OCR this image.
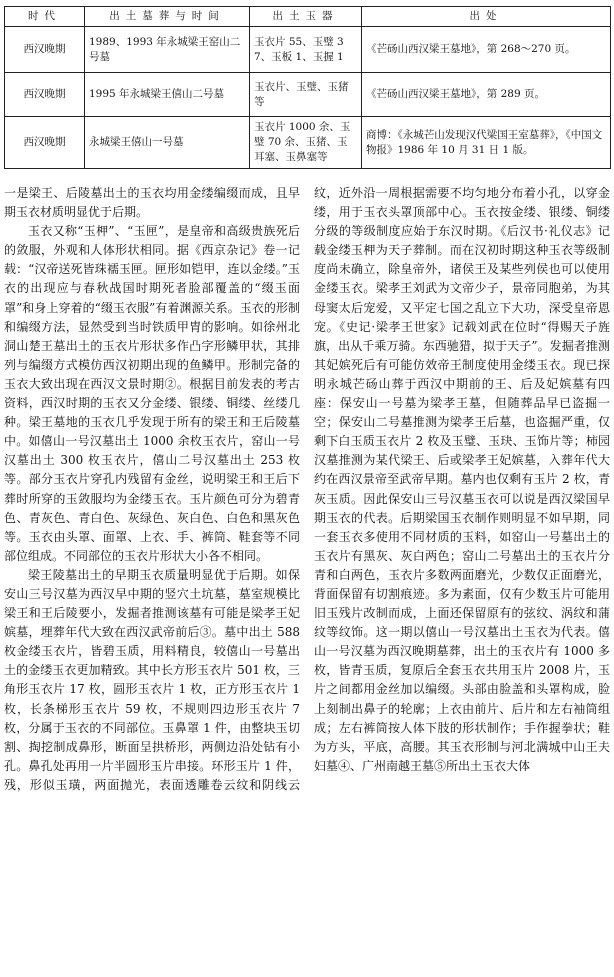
时代	出土墓葬与时间	出土玉器	出处
西汉晚期	1989、1993 年永城梁王窑山二号墓	玉衣片 55、玉璧 37、玉板 1、玉握 1	《芒砀山西汉梁王墓地》，第 268～270 页。
西汉晚期	1995 年永城梁王僖山二号墓	玉衣片、玉璧、玉猪等	《芒砀山西汉梁王墓地》，第 289 页。
西汉晚期	永城梁王僖山一号墓	玉衣片 1000 余、玉璧 70 余、玉猪、玉耳塞、玉鼻塞等	商博：《永城芒山发现汉代梁国王室墓葬》，《中国文物报》1986 年 10 月 31 日 1 版。

一是梁王、后陵墓出土的玉衣均用金缕编缀而成，且早期玉衣材质明显优于后期。

玉衣又称“玉柙”、“玉匣”，是皇帝和高级贵族死后的敛服，外观和人体形状相同。据《西京杂记》卷一记载：“汉帝送死皆珠襦玉匣。匣形如铠甲，连以金缕。”玉衣的出现应与春秋战国时期死者脸部覆盖的“缀玉面罩”和身上穿着的“缀玉衣服”有着渊源关系。玉衣的形制和编缀方法，显然受到当时铁质甲胄的影响。如徐州北洞山楚王墓出土的玉衣片形状多作凸字形鳞甲状，其排列与编缀方式模仿西汉初期出现的鱼鳞甲。形制完备的玉衣大致出现在西汉文景时期②。根据目前发表的考古资料，西汉时期的玉衣又分金缕、银缕、铜缕、丝缕几种。梁王墓地的玉衣几乎发现于所有的梁王和王后陵墓中。如僖山一号汉墓出土 1000 余枚玉衣片，窑山一号汉墓出土 300 枚玉衣片，僖山二号汉墓出土 253 枚等。部分玉衣片穿孔内残留有金丝，说明梁王和王后下葬时所穿的玉敛服均为金缕玉衣。玉片颜色可分为碧青色、青灰色、青白色、灰绿色、灰白色、白色和黑灰色等。玉衣由头罩、面罩、上衣、手、裤筒、鞋套等不同部位组成。不同部位的玉衣片形状大小各不相同。

梁王陵墓出土的早期玉衣质量明显优于后期。如保安山三号汉墓为西汉早中期的竖穴土坑墓，墓室规模比梁王和王后陵要小，发掘者推测该墓有可能是梁孝王妃嫔墓，埋葬年代大致在西汉武帝前后③。墓中出土 588 枚金缕玉衣片，皆碧玉质，用料精良，较僖山一号墓出土的金缕玉衣更加精致。其中长方形玉衣片 501 枚，三角形玉衣片 17 枚，圆形玉衣片 1 枚，正方形玉衣片 1 枚，长条梯形玉衣片 59 枚，不规则四边形玉衣片 7 枚，分属于玉衣的不同部位。玉鼻罩 1 件，由整块玉切割、掏挖制成鼻形，断面呈拱桥形，两侧边沿处钻有小孔。鼻孔处再用一片半圆形玉片串接。环形玉片 1 件，残，形似玉璜，两面抛光，表面透雕卷云纹和阴线云纹，近外沿一周根据需要不均匀地分布着小孔，以穿金缕，用于玉衣头罩顶部中心。玉衣按金缕、银缕、铜缕分级的等级制度应始于东汉时期。《后汉书·礼仪志》记载金缕玉柙为天子葬制。而在汉初时期这种玉衣等级制度尚未确立，除皇帝外，诸侯王及某些列侯也可以使用金缕玉衣。梁孝王刘武为文帝少子，景帝同胞弟，为其母窦太后宠爱，又平定七国之乱立下大功，深受皇帝恩宠。《史记·梁孝王世家》记载刘武在位时“得赐天子旌旗，出从千乘万骑。东西驰猎，拟于天子”。发掘者推测其妃嫔死后有可能仿效帝王制度使用金缕玉衣。现已探明永城芒砀山葬于西汉中期前的王、后及妃嫔墓有四座：保安山一号墓为梁孝王墓，但随葬品早已盗掘一空；保安山二号墓推测为梁孝王后墓，也盗掘严重，仅剩下白玉质玉衣片 2 枚及玉璧、玉玦、玉饰片等；柿园汉墓推测为某代梁王、后或梁孝王妃嫔墓，入葬年代大约在西汉景帝至武帝早期。墓内也仅剩有玉片 2 枚，青灰玉质。因此保安山三号汉墓玉衣可以说是西汉梁国早期玉衣的代表。后期梁国玉衣制作则明显不如早期，同一套玉衣多使用不同材质的玉料，如窑山一号墓出土的玉衣片有黑灰、灰白两色；窑山二号墓出土的玉衣片分青和白两色，玉衣片多数两面磨光，少数仅正面磨光，背面保留有切割痕迹。多为素面，仅有少数玉片可能用旧玉残片改制而成，上面还保留原有的弦纹、涡纹和蒲纹等纹饰。这一期以僖山一号汉墓出土玉衣为代表。僖山一号汉墓为西汉晚期墓葬，出土的玉衣片有 1000 多枚，皆青玉质，复原后全套玉衣共用玉片 2008 片，玉片之间都用金丝加以编缀。头部由脸盖和头罩构成，脸上刻制出鼻子的轮廓；上衣由前片、后片和左右袖筒组成；左右裤筒按人体下肢的形状制作；手作握拳状；鞋为方头，平底，高腰。其玉衣形制与河北满城中山王夫妇墓④、广州南越王墓⑤所出土玉衣大体
